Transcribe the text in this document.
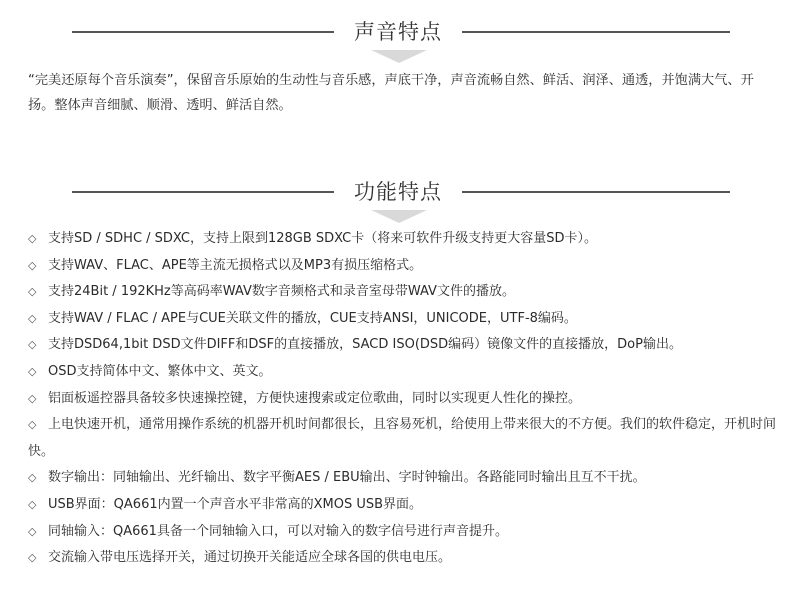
声音特点

“完美还原每个音乐演奏”，保留音乐原始的生动性与音乐感，声底干净，声音流畅自然、鲜活、润泽、通透，并饱满大气、开扬。整体声音细腻、顺滑、透明、鲜活自然。

功能特点
◇ 支持SD / SDHC / SDXC，支持上限到128GB SDXC卡（将来可软件升级支持更大容量SD卡）。
◇ 支持WAV、FLAC、APE等主流无损格式以及MP3有损压缩格式。
◇ 支持24Bit / 192KHz等高码率WAV数字音频格式和录音室母带WAV文件的播放。
◇ 支持WAV / FLAC / APE与CUE关联文件的播放，CUE支持ANSI，UNICODE，UTF-8编码。
◇ 支持DSD64,1bit DSD文件DIFF和DSF的直接播放，SACD ISO(DSD编码）镜像文件的直接播放，DoP输出。
◇ OSD支持简体中文、繁体中文、英文。
◇ 铝面板遥控器具备较多快速操控键，方便快速搜索或定位歌曲，同时以实现更人性化的操控。
◇ 上电快速开机，通常用操作系统的机器开机时间都很长，且容易死机，给使用上带来很大的不方便。我们的软件稳定，开机时间快。
◇ 数字输出：同轴输出、光纤输出、数字平衡AES / EBU输出、字时钟输出。各路能同时输出且互不干扰。
◇ USB界面：QA661内置一个声音水平非常高的XMOS USB界面。
◇ 同轴输入：QA661具备一个同轴输入口，可以对输入的数字信号进行声音提升。
◇ 交流输入带电压选择开关，通过切换开关能适应全球各国的供电电压。
